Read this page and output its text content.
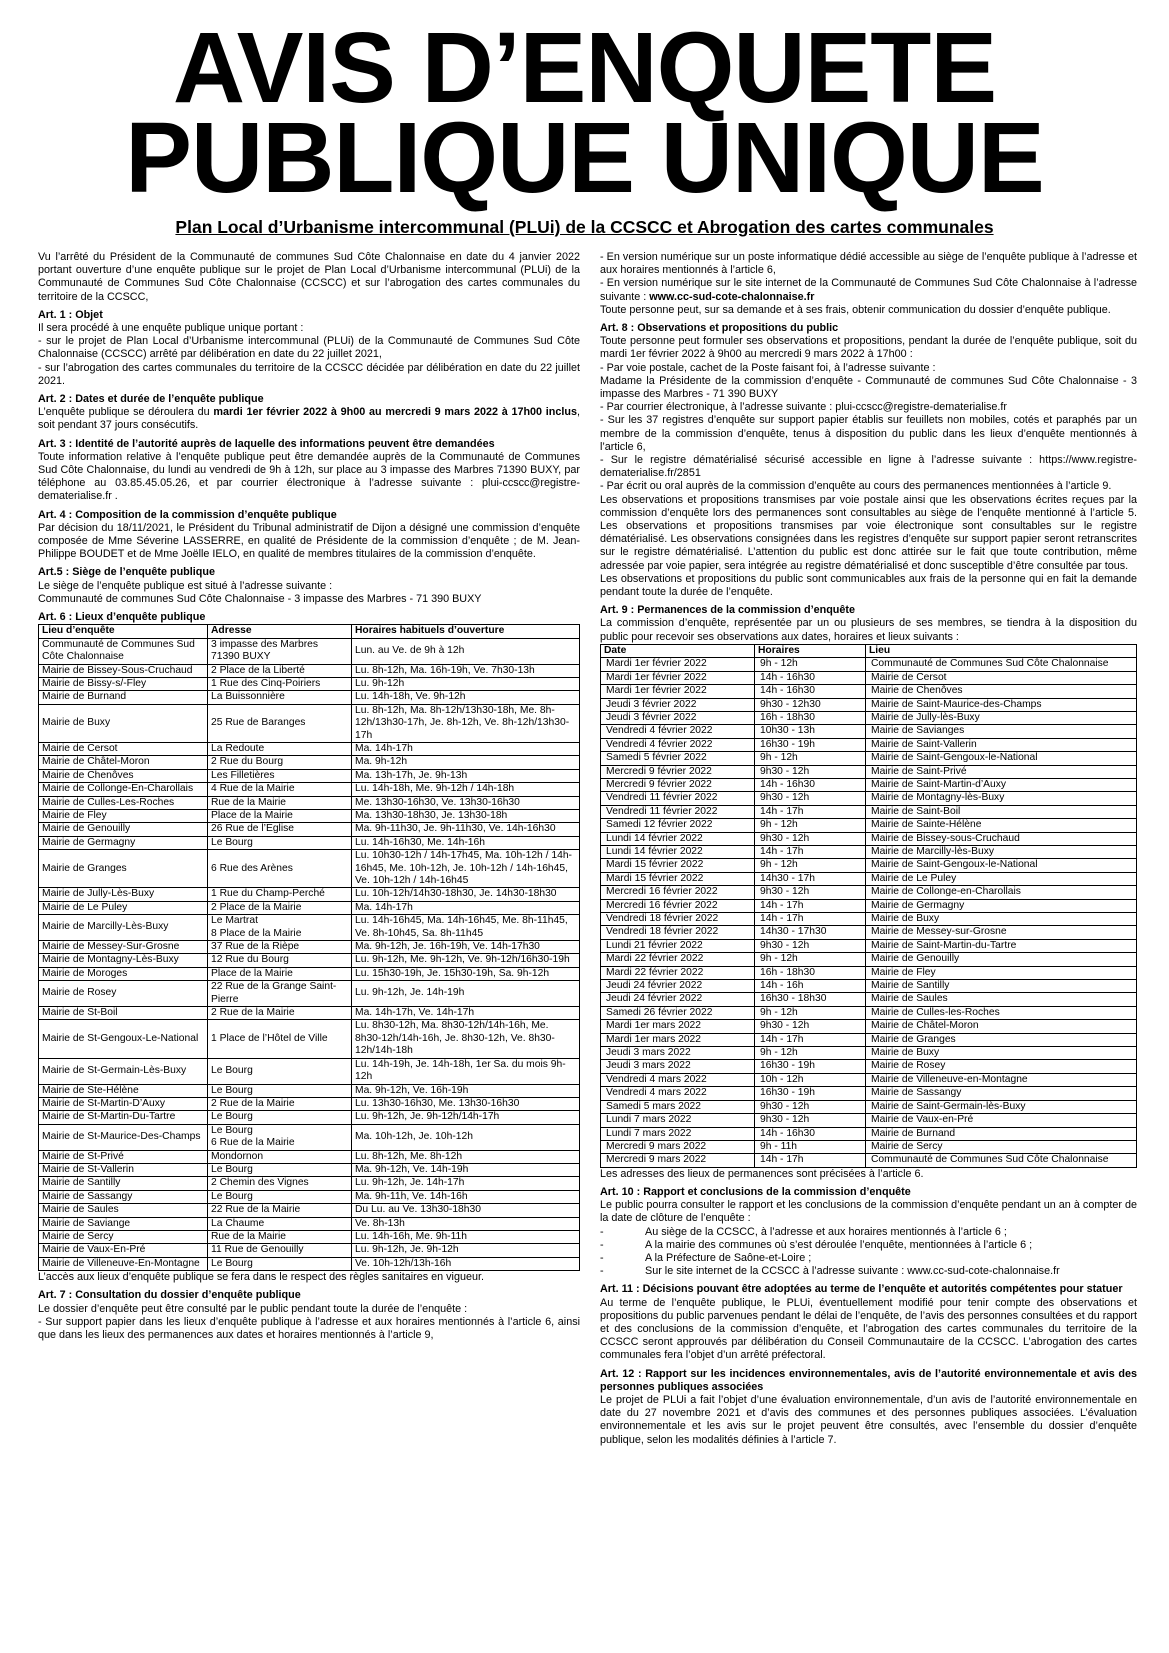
AVIS D’ENQUETE
PUBLIQUE UNIQUE
Plan Local d’Urbanisme intercommunal (PLUi) de la CCSCC et Abrogation des cartes communales

Vu l’arrêté du Président de la Communauté de communes Sud Côte Chalonnaise en date du 4 janvier 2022 portant ouverture d’une enquête publique sur le projet de Plan Local d’Urbanisme intercommunal (PLUi) de la Communauté de Communes Sud Côte Chalonnaise (CCSCC) et sur l’abrogation des cartes communales du territoire de la CCSCC,

Art. 1 : Objet

Il sera procédé à une enquête publique unique portant :

- sur le projet de Plan Local d’Urbanisme intercommunal (PLUi) de la Communauté de Communes Sud Côte Chalonnaise (CCSCC) arrêté par délibération en date du 22 juillet 2021,

- sur l’abrogation des cartes communales du territoire de la CCSCC décidée par délibération en date du 22 juillet 2021.

Art. 2 : Dates et durée de l’enquête publique

L’enquête publique se déroulera du mardi 1er février 2022 à 9h00 au mercredi 9 mars 2022 à 17h00 inclus, soit pendant 37 jours consécutifs.

Art. 3 : Identité de l’autorité auprès de laquelle des informations peuvent être demandées

Toute information relative à l’enquête publique peut être demandée auprès de la Communauté de Communes Sud Côte Chalonnaise, du lundi au vendredi de 9h à 12h, sur place au 3 impasse des Marbres 71390 BUXY, par téléphone au 03.85.45.05.26, et par courrier électronique à l’adresse suivante : plui-ccscc@registre-dematerialise.fr .

Art. 4 : Composition de la commission d’enquête publique

Par décision du 18/11/2021, le Président du Tribunal administratif de Dijon a désigné une commission d’enquête composée de Mme Séverine LASSERRE, en qualité de Présidente de la commission d’enquête ; de M. Jean-Philippe BOUDET et de Mme Joëlle IELO, en qualité de membres titulaires de la commission d’enquête.

Art.5 : Siège de l’enquête publique

Le siège de l’enquête publique est situé à l’adresse suivante :

Communauté de communes Sud Côte Chalonnaise - 3 impasse des Marbres - 71 390 BUXY

Art. 6 : Lieux d’enquête publique

Lieu d’enquête	Adresse	Horaires habituels d’ouverture
Communauté de Communes Sud Côte Chalonnaise	3 impasse des Marbres 71390 BUXY	Lun. au Ve. de 9h à 12h
Mairie de Bissey-Sous-Cruchaud	2 Place de la Liberté	Lu. 8h-12h, Ma. 16h-19h, Ve. 7h30-13h
Mairie de Bissy-s/-Fley	1 Rue des Cinq-Poiriers	Lu. 9h-12h
Mairie de Burnand	La Buissonnière	Lu. 14h-18h, Ve. 9h-12h
Mairie de Buxy	25 Rue de Baranges	Lu. 8h-12h, Ma. 8h-12h/13h30-18h, Me. 8h-12h/13h30-17h, Je. 8h-12h, Ve. 8h-12h/13h30-17h
Mairie de Cersot	La Redoute	Ma. 14h-17h
Mairie de Châtel-Moron	2 Rue du Bourg	Ma. 9h-12h
Mairie de Chenôves	Les Filletières	Ma. 13h-17h, Je. 9h-13h
Mairie de Collonge-En-Charollais	4 Rue de la Mairie	Lu. 14h-18h, Me. 9h-12h / 14h-18h
Mairie de Culles-Les-Roches	Rue de la Mairie	Me. 13h30-16h30, Ve. 13h30-16h30
Mairie de Fley	Place de la Mairie	Ma. 13h30-18h30, Je. 13h30-18h
Mairie de Genouilly	26 Rue de l’Eglise	Ma. 9h-11h30, Je. 9h-11h30, Ve. 14h-16h30
Mairie de Germagny	Le Bourg	Lu. 14h-16h30, Me. 14h-16h
Mairie de Granges	6 Rue des Arènes	Lu. 10h30-12h / 14h-17h45, Ma. 10h-12h / 14h-16h45, Me. 10h-12h, Je. 10h-12h / 14h-16h45, Ve. 10h-12h / 14h-16h45
Mairie de Jully-Lès-Buxy	1 Rue du Champ-Perché	Lu. 10h-12h/14h30-18h30, Je. 14h30-18h30
Mairie de Le Puley	2 Place de la Mairie	Ma. 14h-17h
Mairie de Marcilly-Lès-Buxy	Le Martrat
8 Place de la Mairie	Lu. 14h-16h45, Ma. 14h-16h45, Me. 8h-11h45, Ve. 8h-10h45, Sa. 8h-11h45
Mairie de Messey-Sur-Grosne	37 Rue de la Rièpe	Ma. 9h-12h, Je. 16h-19h, Ve. 14h-17h30
Mairie de Montagny-Lès-Buxy	12 Rue du Bourg	Lu. 9h-12h, Me. 9h-12h, Ve. 9h-12h/16h30-19h
Mairie de Moroges	Place de la Mairie	Lu. 15h30-19h, Je. 15h30-19h, Sa. 9h-12h
Mairie de Rosey	22 Rue de la Grange Saint-Pierre	Lu. 9h-12h, Je. 14h-19h
Mairie de St-Boil	2 Rue de la Mairie	Ma. 14h-17h, Ve. 14h-17h
Mairie de St-Gengoux-Le-National	1 Place de l’Hôtel de Ville	Lu. 8h30-12h, Ma. 8h30-12h/14h-16h, Me. 8h30-12h/14h-16h, Je. 8h30-12h, Ve. 8h30-12h/14h-18h
Mairie de St-Germain-Lès-Buxy	Le Bourg	Lu. 14h-19h, Je. 14h-18h, 1er Sa. du mois 9h-12h
Mairie de Ste-Hélène	Le Bourg	Ma. 9h-12h, Ve. 16h-19h
Mairie de St-Martin-D’Auxy	2 Rue de la Mairie	Lu. 13h30-16h30, Me. 13h30-16h30
Mairie de St-Martin-Du-Tartre	Le Bourg	Lu. 9h-12h, Je. 9h-12h/14h-17h
Mairie de St-Maurice-Des-Champs	Le Bourg
6 Rue de la Mairie	Ma. 10h-12h, Je. 10h-12h
Mairie de St-Privé	Mondornon	Lu. 8h-12h, Me. 8h-12h
Mairie de St-Vallerin	Le Bourg	Ma. 9h-12h, Ve. 14h-19h
Mairie de Santilly	2 Chemin des Vignes	Lu. 9h-12h, Je. 14h-17h
Mairie de Sassangy	Le Bourg	Ma. 9h-11h, Ve. 14h-16h
Mairie de Saules	22 Rue de la Mairie	Du Lu. au Ve. 13h30-18h30
Mairie de Saviange	La Chaume	Ve. 8h-13h
Mairie de Sercy	Rue de la Mairie	Lu. 14h-16h, Me. 9h-11h
Mairie de Vaux-En-Pré	11 Rue de Genouilly	Lu. 9h-12h, Je. 9h-12h
Mairie de Villeneuve-En-Montagne	Le Bourg	Ve. 10h-12h/13h-16h

L’accès aux lieux d’enquête publique se fera dans le respect des règles sanitaires en vigueur.

Art. 7 : Consultation du dossier d’enquête publique

Le dossier d’enquête peut être consulté par le public pendant toute la durée de l’enquête :

- Sur support papier dans les lieux d’enquête publique à l’adresse et aux horaires mentionnés à l’article 6, ainsi que dans les lieux des permanences aux dates et horaires mentionnés à l’article 9,

- En version numérique sur un poste informatique dédié accessible au siège de l’enquête publique à l’adresse et aux horaires mentionnés à l’article 6,

- En version numérique sur le site internet de la Communauté de Communes Sud Côte Chalonnaise à l’adresse suivante : www.cc-sud-cote-chalonnaise.fr

Toute personne peut, sur sa demande et à ses frais, obtenir communication du dossier d’enquête publique.

Art. 8 : Observations et propositions du public

Toute personne peut formuler ses observations et propositions, pendant la durée de l’enquête publique, soit du mardi 1er février 2022 à 9h00 au mercredi 9 mars 2022 à 17h00 :

- Par voie postale, cachet de la Poste faisant foi, à l’adresse suivante :

Madame la Présidente de la commission d’enquête - Communauté de communes Sud Côte Chalonnaise - 3 impasse des Marbres - 71 390 BUXY

- Par courrier électronique, à l’adresse suivante : plui-ccscc@registre-dematerialise.fr

- Sur les 37 registres d’enquête sur support papier établis sur feuillets non mobiles, cotés et paraphés par un membre de la commission d’enquête, tenus à disposition du public dans les lieux d’enquête mentionnés à l’article 6,

- Sur le registre dématérialisé sécurisé accessible en ligne à l’adresse suivante : https://www.registre-dematerialise.fr/2851

- Par écrit ou oral auprès de la commission d’enquête au cours des permanences mentionnées à l’article 9.

Les observations et propositions transmises par voie postale ainsi que les observations écrites reçues par la commission d’enquête lors des permanences sont consultables au siège de l’enquête mentionné à l’article 5. Les observations et propositions transmises par voie électronique sont consultables sur le registre dématérialisé. Les observations consignées dans les registres d’enquête sur support papier seront retranscrites sur le registre dématérialisé. L’attention du public est donc attirée sur le fait que toute contribution, même adressée par voie papier, sera intégrée au registre dématérialisé et donc susceptible d’être consultée par tous.

Les observations et propositions du public sont communicables aux frais de la personne qui en fait la demande pendant toute la durée de l’enquête.

Art. 9 : Permanences de la commission d’enquête

La commission d’enquête, représentée par un ou plusieurs de ses membres, se tiendra à la disposition du public pour recevoir ses observations aux dates, horaires et lieux suivants :

Date	Horaires	Lieu
Mardi 1er février 2022	9h - 12h	Communauté de Communes Sud Côte Chalonnaise
Mardi 1er février 2022	14h - 16h30	Mairie de Cersot
Mardi 1er février 2022	14h - 16h30	Mairie de Chenôves
Jeudi 3 février 2022	9h30 - 12h30	Mairie de Saint-Maurice-des-Champs
Jeudi 3 février 2022	16h - 18h30	Mairie de Jully-lès-Buxy
Vendredi 4 février 2022	10h30 - 13h	Mairie de Savianges
Vendredi 4 février 2022	16h30 - 19h	Mairie de Saint-Vallerin
Samedi 5 février 2022	9h - 12h	Mairie de Saint-Gengoux-le-National
Mercredi 9 février 2022	9h30 - 12h	Mairie de Saint-Privé
Mercredi 9 février 2022	14h - 16h30	Mairie de Saint-Martin-d’Auxy
Vendredi 11 février 2022	9h30 - 12h	Mairie de Montagny-lès-Buxy
Vendredi 11 février 2022	14h - 17h	Mairie de Saint-Boil
Samedi 12 février 2022	9h - 12h	Mairie de Sainte-Hélène
Lundi 14 février 2022	9h30 - 12h	Mairie de Bissey-sous-Cruchaud
Lundi 14 février 2022	14h - 17h	Mairie de Marcilly-lès-Buxy
Mardi 15 février 2022	9h - 12h	Mairie de Saint-Gengoux-le-National
Mardi 15 février 2022	14h30 - 17h	Mairie de Le Puley
Mercredi 16 février 2022	9h30 - 12h	Mairie de Collonge-en-Charollais
Mercredi 16 février 2022	14h - 17h	Mairie de Germagny
Vendredi 18 février 2022	14h - 17h	Mairie de Buxy
Vendredi 18 février 2022	14h30 - 17h30	Mairie de Messey-sur-Grosne
Lundi 21 février 2022	9h30 - 12h	Mairie de Saint-Martin-du-Tartre
Mardi 22 février 2022	9h - 12h	Mairie de Genouilly
Mardi 22 février 2022	16h - 18h30	Mairie de Fley
Jeudi 24 février 2022	14h - 16h	Mairie de Santilly
Jeudi 24 février 2022	16h30 - 18h30	Mairie de Saules
Samedi 26 février 2022	9h - 12h	Mairie de Culles-les-Roches
Mardi 1er mars 2022	9h30 - 12h	Mairie de Châtel-Moron
Mardi 1er mars 2022	14h - 17h	Mairie de Granges
Jeudi 3 mars 2022	9h - 12h	Mairie de Buxy
Jeudi 3 mars 2022	16h30 - 19h	Mairie de Rosey
Vendredi 4 mars 2022	10h - 12h	Mairie de Villeneuve-en-Montagne
Vendredi 4 mars 2022	16h30 - 19h	Mairie de Sassangy
Samedi 5 mars 2022	9h30 - 12h	Mairie de Saint-Germain-lès-Buxy
Lundi 7 mars 2022	9h30 - 12h	Mairie de Vaux-en-Pré
Lundi 7 mars 2022	14h - 16h30	Mairie de Burnand
Mercredi 9 mars 2022	9h - 11h	Mairie de Sercy
Mercredi 9 mars 2022	14h - 17h	Communauté de Communes Sud Côte Chalonnaise

Les adresses des lieux de permanences sont précisées à l’article 6.

Art. 10 : Rapport et conclusions de la commission d’enquête

Le public pourra consulter le rapport et les conclusions de la commission d’enquête pendant un an à compter de la date de clôture de l’enquête :

- Au siège de la CCSCC, à l’adresse et aux horaires mentionnés à l’article 6 ;
- A la mairie des communes où s’est déroulée l’enquête, mentionnées à l’article 6 ;
- A la Préfecture de Saône-et-Loire ;
- Sur le site internet de la CCSCC à l’adresse suivante : www.cc-sud-cote-chalonnaise.fr

Art. 11 : Décisions pouvant être adoptées au terme de l’enquête et autorités compétentes pour statuer

Au terme de l’enquête publique, le PLUi, éventuellement modifié pour tenir compte des observations et propositions du public parvenues pendant le délai de l’enquête, de l’avis des personnes consultées et du rapport et des conclusions de la commission d’enquête, et l’abrogation des cartes communales du territoire de la CCSCC seront approuvés par délibération du Conseil Communautaire de la CCSCC. L’abrogation des cartes communales fera l’objet d’un arrêté préfectoral.

Art. 12 : Rapport sur les incidences environnementales, avis de l’autorité environnementale et avis des personnes publiques associées

Le projet de PLUi a fait l’objet d’une évaluation environnementale, d’un avis de l’autorité environnementale en date du 27 novembre 2021 et d’avis des communes et des personnes publiques associées. L’évaluation environnementale et les avis sur le projet peuvent être consultés, avec l’ensemble du dossier d’enquête publique, selon les modalités définies à l’article 7.
